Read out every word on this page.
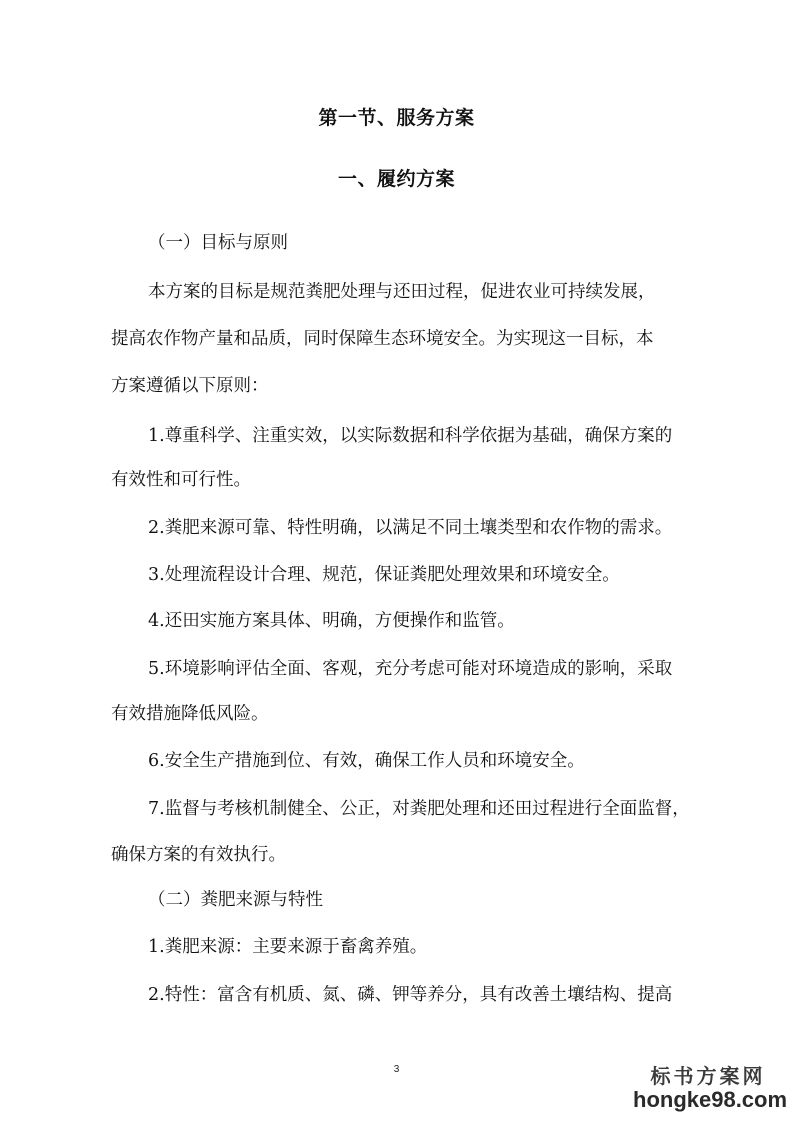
第一节、服务方案
一、履约方案
（一）目标与原则
本方案的目标是规范粪肥处理与还田过程，促进农业可持续发展，
提高农作物产量和品质，同时保障生态环境安全。为实现这一目标，本
方案遵循以下原则：
1.尊重科学、注重实效，以实际数据和科学依据为基础，确保方案的
有效性和可行性。
2.粪肥来源可靠、特性明确，以满足不同土壤类型和农作物的需求。
3.处理流程设计合理、规范，保证粪肥处理效果和环境安全。
4.还田实施方案具体、明确，方便操作和监管。
5.环境影响评估全面、客观，充分考虑可能对环境造成的影响，采取
有效措施降低风险。
6.安全生产措施到位、有效，确保工作人员和环境安全。
7.监督与考核机制健全、公正，对粪肥处理和还田过程进行全面监督，
确保方案的有效执行。
（二）粪肥来源与特性
1.粪肥来源：主要来源于畜禽养殖。
2.特性：富含有机质、氮、磷、钾等养分，具有改善土壤结构、提高
3	标书方案网
hongke98.com
